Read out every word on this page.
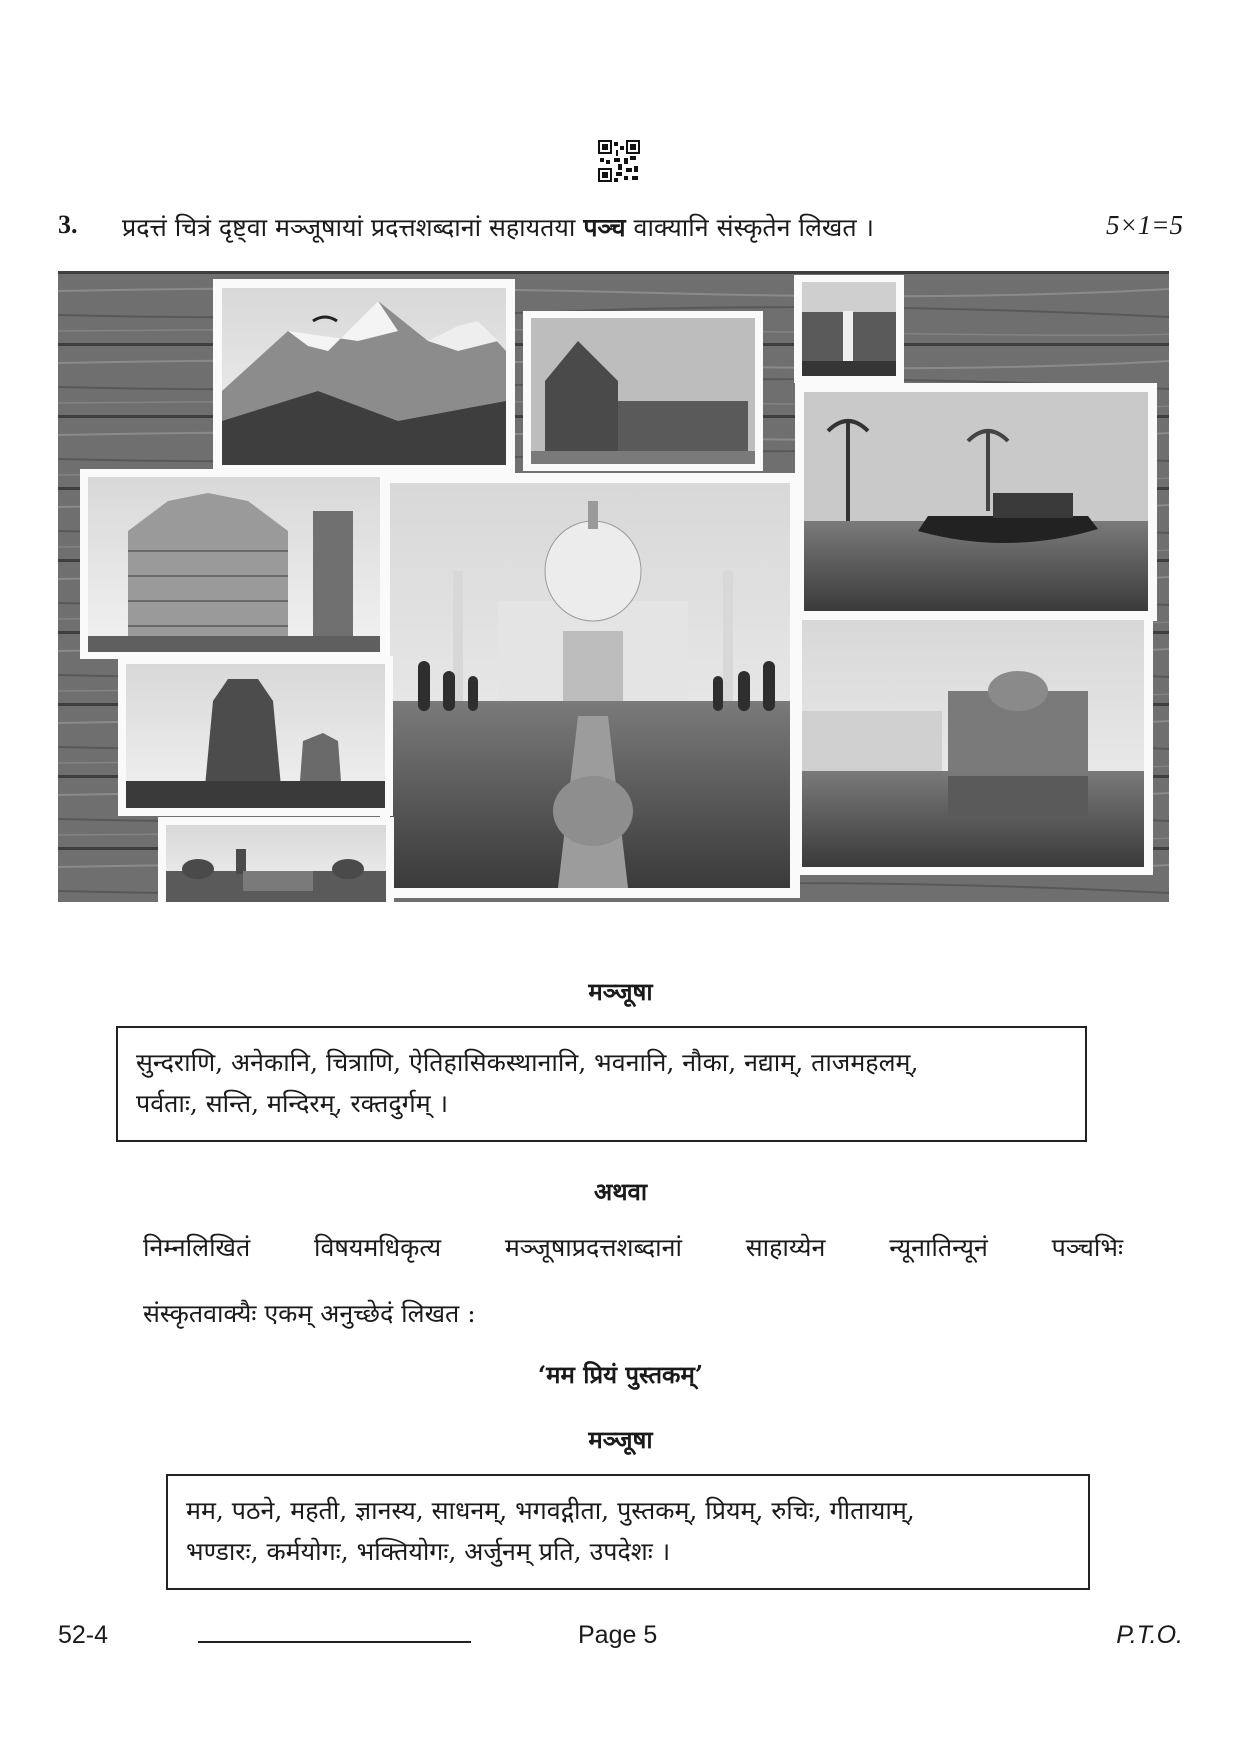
3. प्रदत्तं चित्रं दृष्ट्वा मञ्जूषायां प्रदत्तशब्दानां सहायतया पञ्च वाक्यानि संस्कृतेन लिखत ।	5×1=5
मञ्जूषा
सुन्दराणि, अनेकानि, चित्राणि, ऐतिहासिकस्थानानि, भवनानि, नौका, नद्याम्, ताजमहलम्,
पर्वताः, सन्ति, मन्दिरम्, रक्तदुर्गम् ।
अथवा
निम्नलिखितं	विषयमधिकृत्य	मञ्जूषाप्रदत्तशब्दानां	साहाय्येन	न्यूनातिन्यूनं	पञ्चभिः
संस्कृतवाक्यैः एकम् अनुच्छेदं लिखत :
‘मम प्रियं पुस्तकम्’
मञ्जूषा
मम, पठने, महती, ज्ञानस्य, साधनम्, भगवद्गीता, पुस्तकम्, प्रियम्, रुचिः, गीतायाम्,
भण्डारः, कर्मयोगः, भक्तियोगः, अर्जुनम् प्रति, उपदेशः ।
52-4	Page 5	P.T.O.
